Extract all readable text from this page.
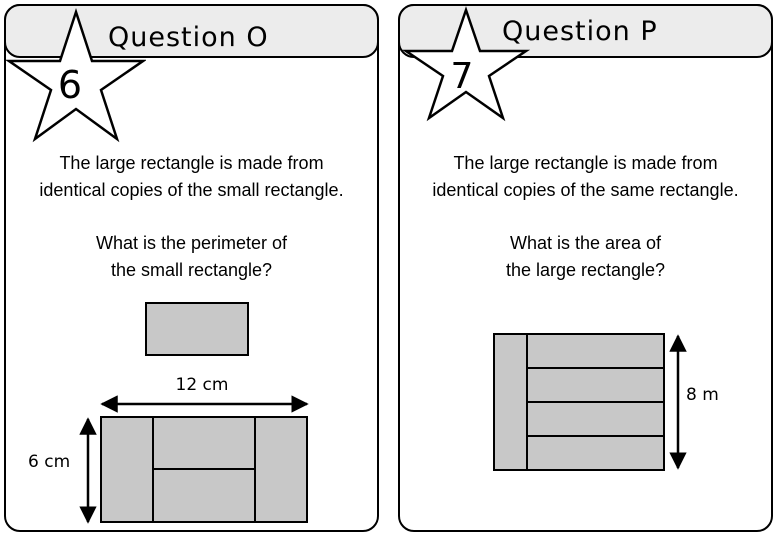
Question O
6
The large rectangle is made from
identical copies of the small rectangle.
What is the perimeter of
the small rectangle?
12 cm
6 cm
Question P
7
The large rectangle is made from
identical copies of the same rectangle.
What is the area of
the large rectangle?
8 m
